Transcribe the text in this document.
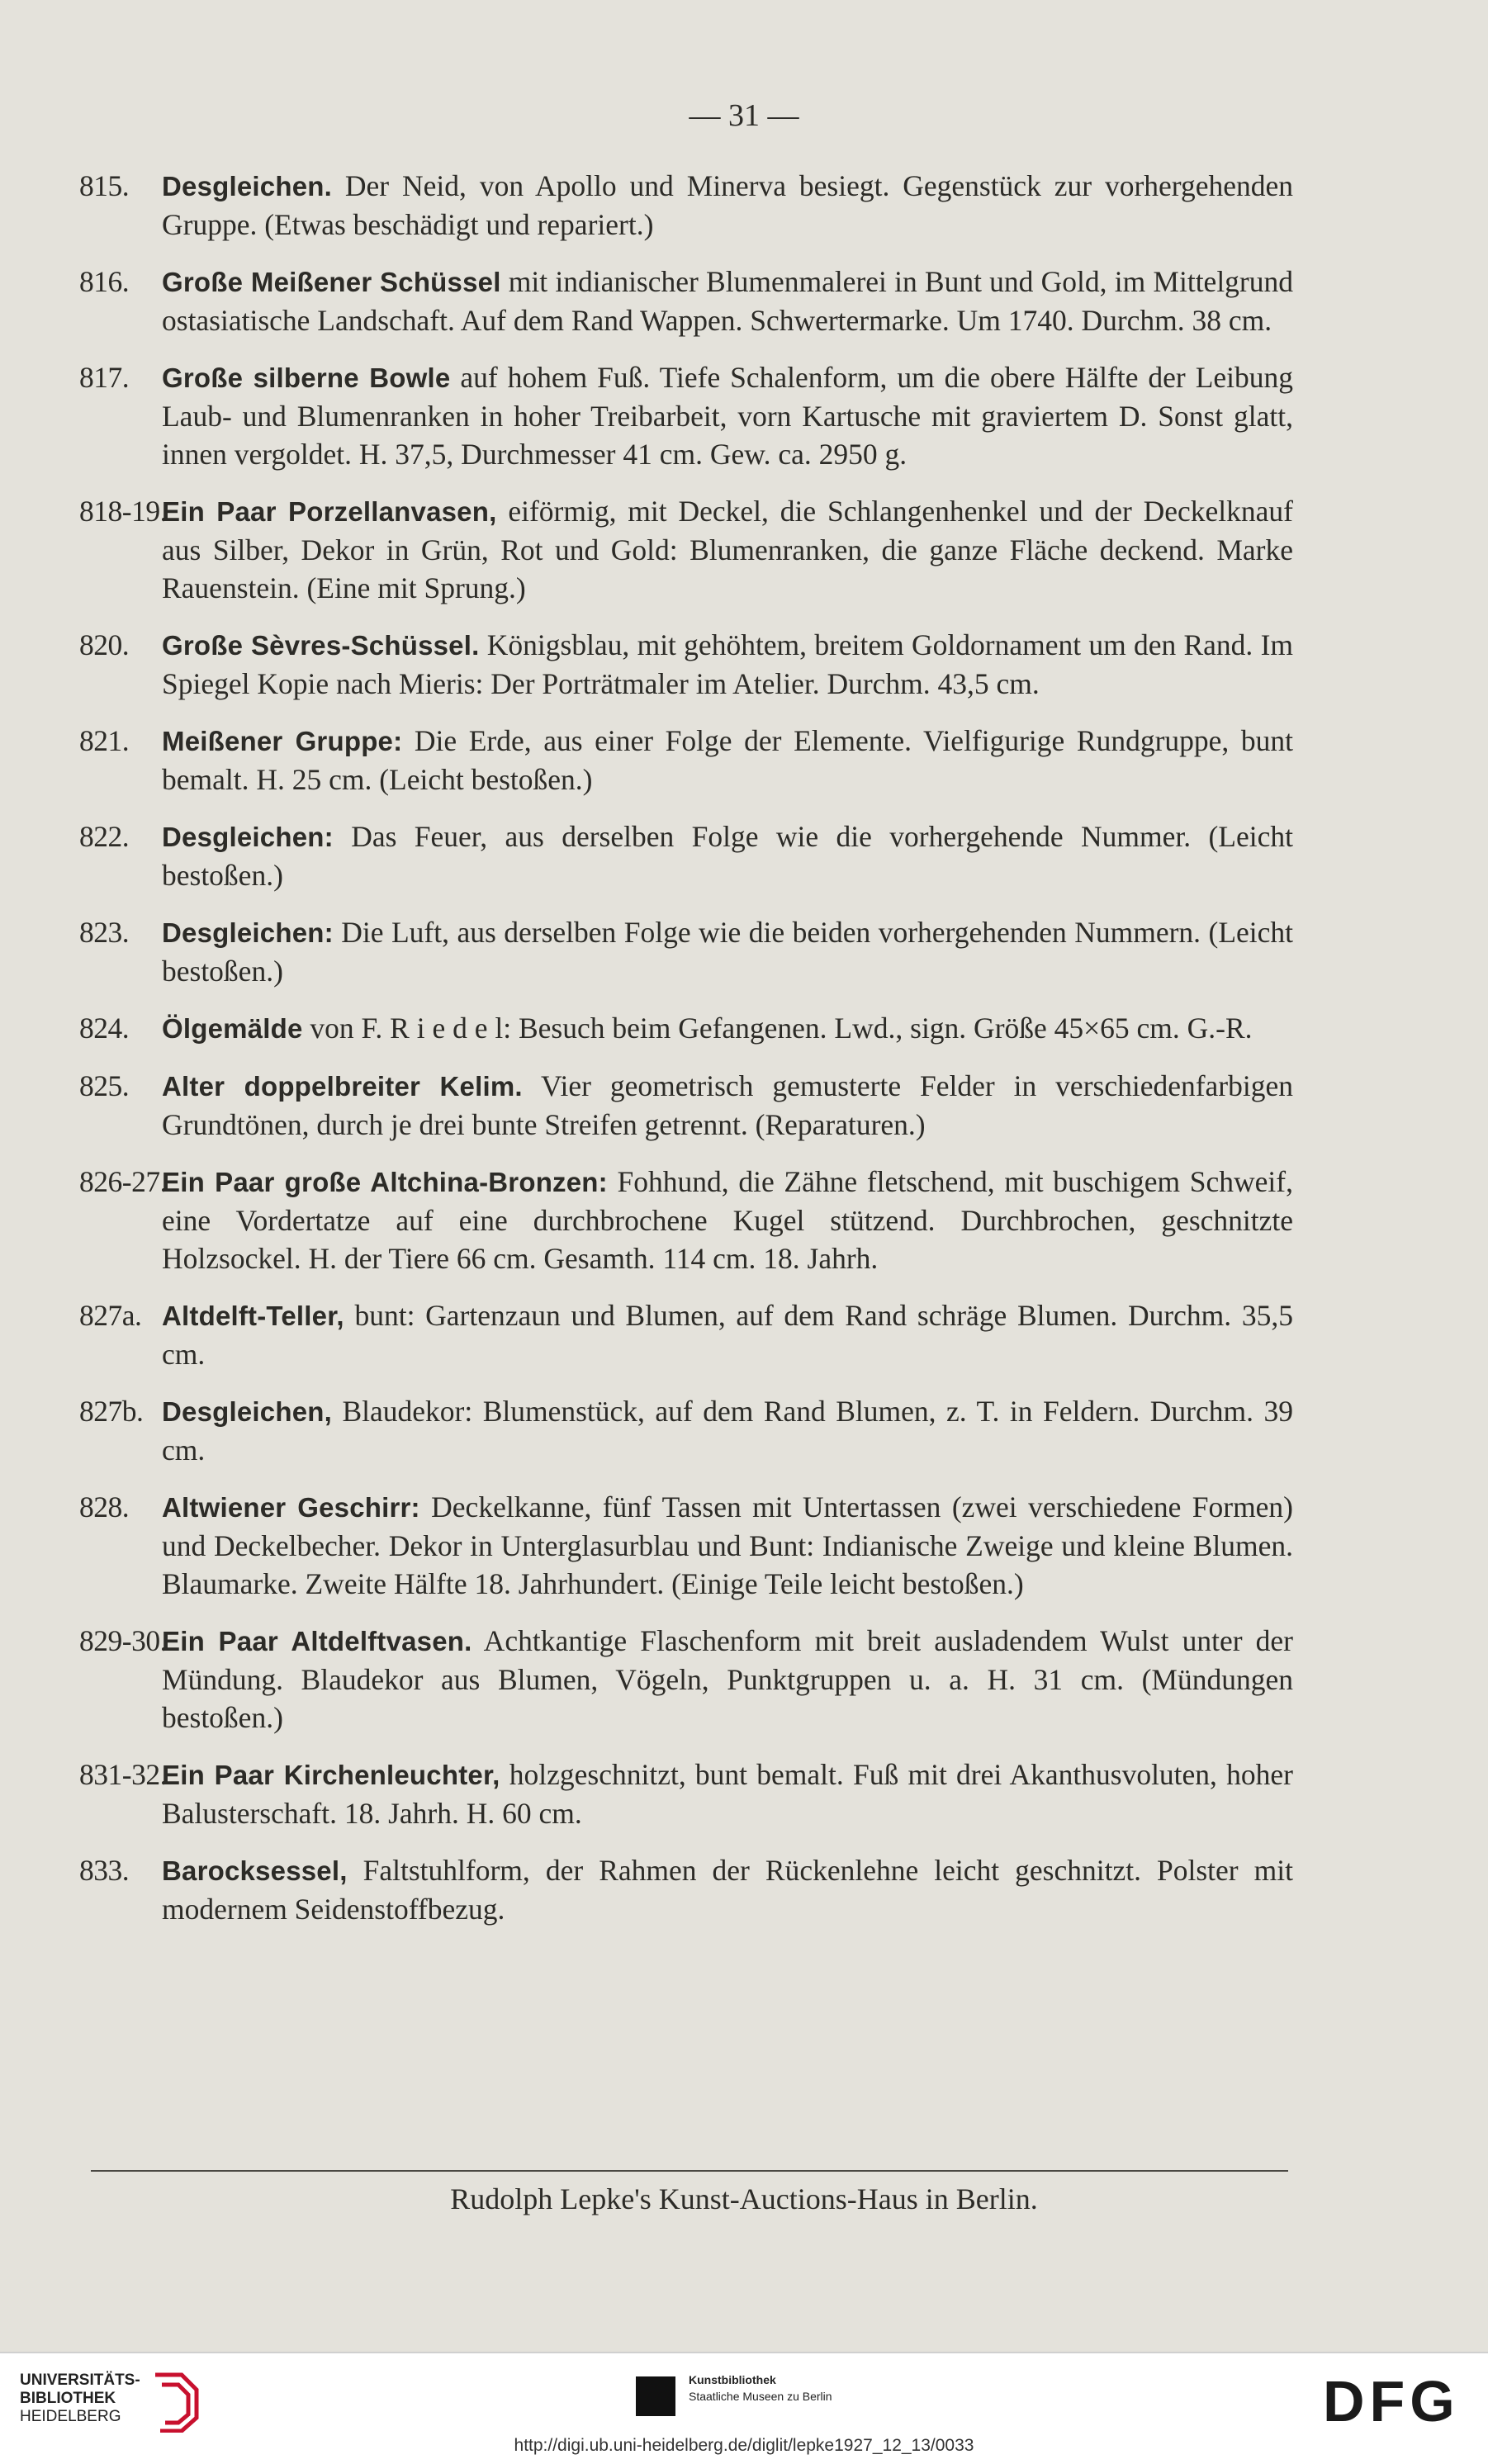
— 31 —
815.	Desgleichen. Der Neid, von Apollo und Minerva besiegt. Gegenstück zur vorhergehenden Gruppe. (Etwas beschädigt und repariert.)
816.	Große Meißener Schüssel mit indianischer Blumenmalerei in Bunt und Gold, im Mittelgrund ostasiatische Landschaft. Auf dem Rand Wappen. Schwertermarke. Um 1740. Durchm. 38 cm.
817.	Große silberne Bowle auf hohem Fuß. Tiefe Schalenform, um die obere Hälfte der Leibung Laub- und Blumenranken in hoher Treibarbeit, vorn Kartusche mit graviertem D. Sonst glatt, innen vergoldet. H. 37,5, Durchmesser 41 cm. Gew. ca. 2950 g.
818-19.
Ein Paar Porzellanvasen, eiförmig, mit Deckel, die Schlangenhenkel und der Deckelknauf aus Silber, Dekor in Grün, Rot und Gold: Blumenranken, die ganze Fläche deckend. Marke Rauenstein. (Eine mit Sprung.)
820.	Große Sèvres-Schüssel. Königsblau, mit gehöhtem, breitem Goldornament um den Rand. Im Spiegel Kopie nach Mieris: Der Porträtmaler im Atelier. Durchm. 43,5 cm.
821.	Meißener Gruppe: Die Erde, aus einer Folge der Elemente. Vielfigurige Rundgruppe, bunt bemalt. H. 25 cm. (Leicht bestoßen.)
822.	Desgleichen: Das Feuer, aus derselben Folge wie die vorhergehende Nummer. (Leicht bestoßen.)
823.	Desgleichen: Die Luft, aus derselben Folge wie die beiden vorhergehenden Nummern. (Leicht bestoßen.)
824.	Ölgemälde von F. R i e d e l: Besuch beim Gefangenen. Lwd., sign. Größe 45×65 cm. G.-R.
825.	Alter doppelbreiter Kelim. Vier geometrisch gemusterte Felder in verschiedenfarbigen Grundtönen, durch je drei bunte Streifen getrennt. (Reparaturen.)
826-27.
Ein Paar große Altchina-Bronzen: Fohhund, die Zähne fletschend, mit buschigem Schweif, eine Vordertatze auf eine durchbrochene Kugel stützend. Durchbrochen, geschnitzte Holzsockel. H. der Tiere 66 cm. Gesamth. 114 cm. 18. Jahrh.
827a. Altdelft-Teller, bunt: Gartenzaun und Blumen, auf dem Rand schräge Blumen. Durchm. 35,5 cm.
827b. Desgleichen, Blaudekor: Blumenstück, auf dem Rand Blumen, z. T. in Feldern. Durchm. 39 cm.
828.	Altwiener Geschirr: Deckelkanne, fünf Tassen mit Untertassen (zwei verschiedene Formen) und Deckelbecher. Dekor in Unterglasurblau und Bunt: Indianische Zweige und kleine Blumen. Blaumarke. Zweite Hälfte 18. Jahrhundert. (Einige Teile leicht bestoßen.)
829-30.
Ein Paar Altdelftvasen. Achtkantige Flaschenform mit breit ausladendem Wulst unter der Mündung. Blaudekor aus Blumen, Vögeln, Punktgruppen u. a. H. 31 cm. (Mündungen bestoßen.)
831-32.
Ein Paar Kirchenleuchter, holzgeschnitzt, bunt bemalt. Fuß mit drei Akanthusvoluten, hoher Balusterschaft. 18. Jahrh. H. 60 cm.
833.	Barocksessel, Faltstuhlform, der Rahmen der Rückenlehne leicht geschnitzt. Polster mit modernem Seidenstoffbezug.
Rudolph Lepke's Kunst-Auctions-Haus in Berlin.
UNIVERSITÄTS-
BIBLIOTHEK
HEIDELBERG
Kunstbibliothek
Staatliche Museen zu Berlin	DFG
http://digi.ub.uni-heidelberg.de/diglit/lepke1927_12_13/0033
